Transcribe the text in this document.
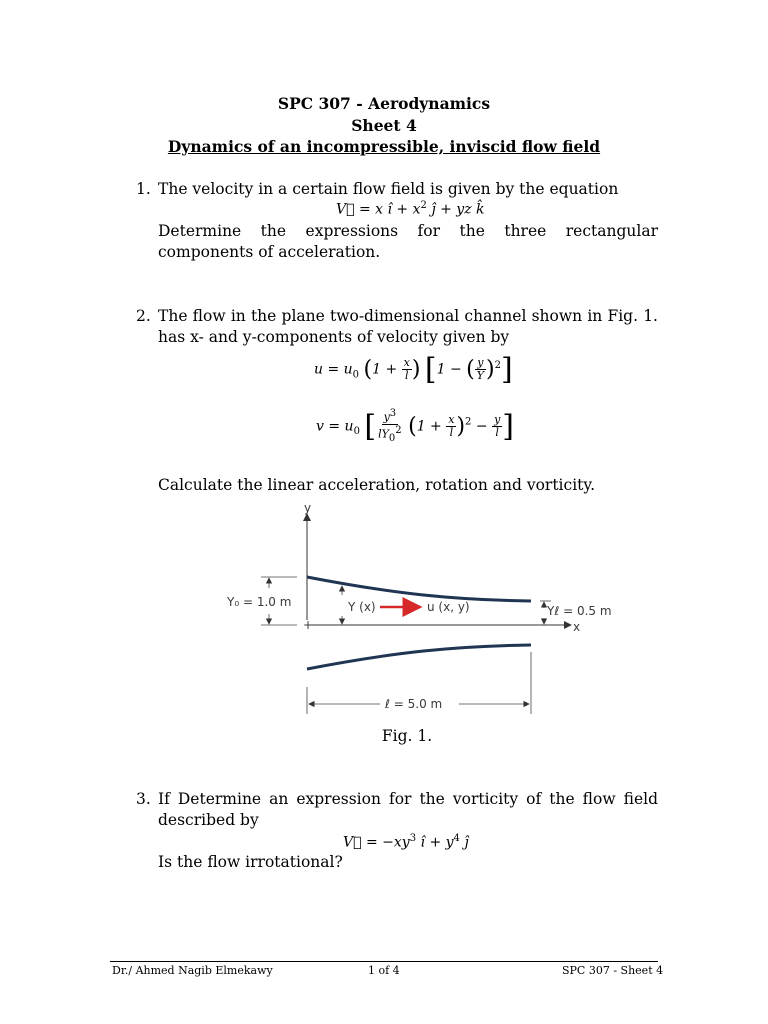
SPC 307 - Aerodynamics
Sheet 4
Dynamics of an incompressible, inviscid flow field
1. The velocity in a certain flow field is given by the equation
V⃗ = x î + $x^2$ ĵ + yz k̂
Determine the expressions for the three rectangular components of acceleration.
2. The flow in the plane two-dimensional channel shown in Fig. 1. has x- and y-components of velocity given by
$u = u_0$ ($1 + \frac{x}{l}$ ) [1 − ( $\frac{y}{Y} )^2$]
$v = u_0$ [ $\frac{y3}{lY02} (1 + \frac{x}{l} )^2 - \frac{y}{l}$ ]
Calculate the linear acceleration, rotation and vorticity.
y
x
+
Y₀ = 1.0 m	Y (x)	u (x, y)	Yℓ = 0.5 m
ℓ = 5.0 m
Fig. 1.
3. If Determine an expression for the vorticity of the flow field described by
V⃗ = $-xy^3$ î + $y^4$ ĵ
Is the flow irrotational?
Dr./ Ahmed Nagib Elmekawy	1 of 4	SPC 307 - Sheet 4
